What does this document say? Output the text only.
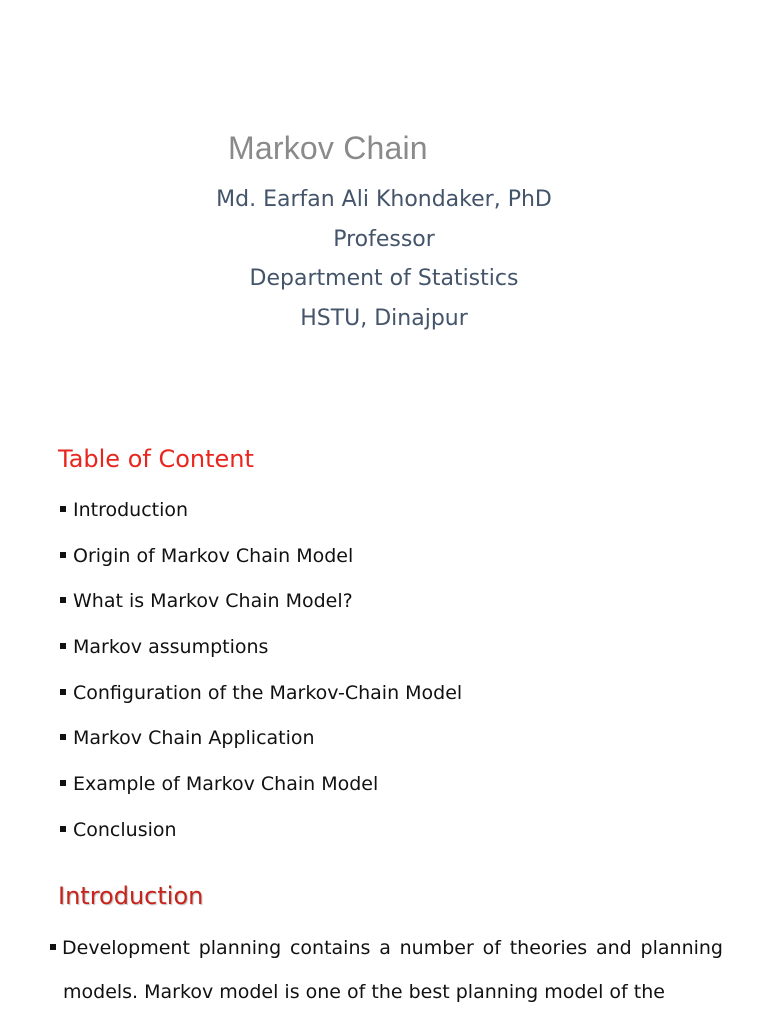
Markov Chain

Md. Earfan Ali Khondaker, PhD

Professor

Department of Statistics

HSTU, Dinajpur

Table of Content
Introduction
Origin of Markov Chain Model
What is Markov Chain Model?
Markov assumptions
Configuration of the Markov-Chain Model
Markov Chain Application
Example of Markov Chain Model
Conclusion
Introduction

Development planning contains a number of theories and planning models. Markov model is one of the best planning model of the
